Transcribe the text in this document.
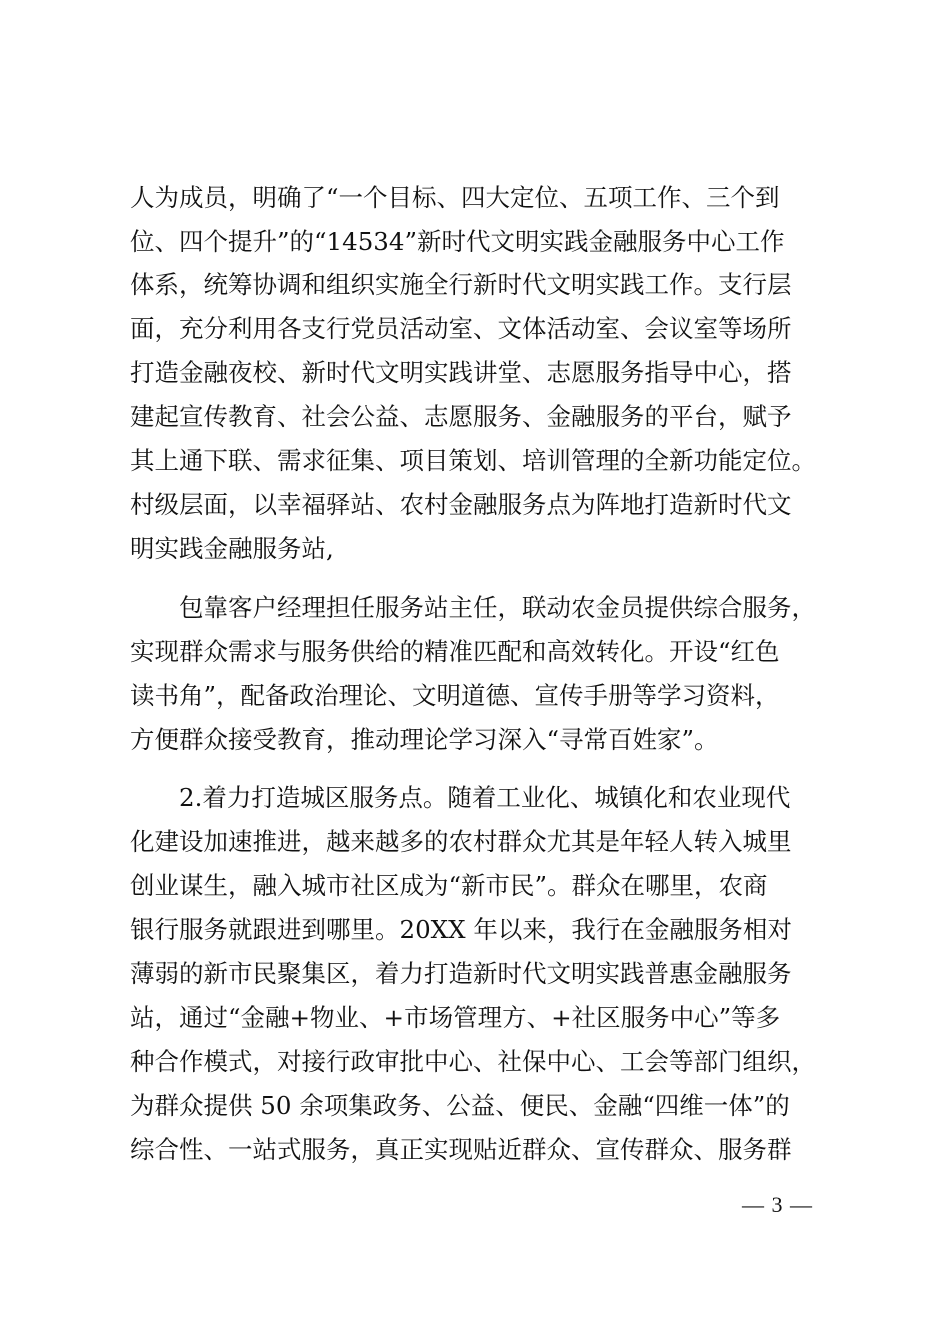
人为成员，明确了“一个目标、四大定位、五项工作、三个到
位、四个提升”的“14534”新时代文明实践金融服务中心工作
体系，统筹协调和组织实施全行新时代文明实践工作。支行层
面，充分利用各支行党员活动室、文体活动室、会议室等场所
打造金融夜校、新时代文明实践讲堂、志愿服务指导中心，搭
建起宣传教育、社会公益、志愿服务、金融服务的平台，赋予
其上通下联、需求征集、项目策划、培训管理的全新功能定位。
村级层面，以幸福驿站、农村金融服务点为阵地打造新时代文
明实践金融服务站,
　　包靠客户经理担任服务站主任，联动农金员提供综合服务，
实现群众需求与服务供给的精准匹配和高效转化。开设“红色
读书角”，配备政治理论、文明道德、宣传手册等学习资料，
方便群众接受教育，推动理论学习深入“寻常百姓家”。
　　2.着力打造城区服务点。随着工业化、城镇化和农业现代
化建设加速推进，越来越多的农村群众尤其是年轻人转入城里
创业谋生，融入城市社区成为“新市民”。群众在哪里，农商
银行服务就跟进到哪里。20XX 年以来，我行在金融服务相对
薄弱的新市民聚集区，着力打造新时代文明实践普惠金融服务
站，通过“金融+物业、+市场管理方、+社区服务中心”等多
种合作模式，对接行政审批中心、社保中心、工会等部门组织，
为群众提供 50 余项集政务、公益、便民、金融“四维一体”的
综合性、一站式服务，真正实现贴近群众、宣传群众、服务群
— 3 —
